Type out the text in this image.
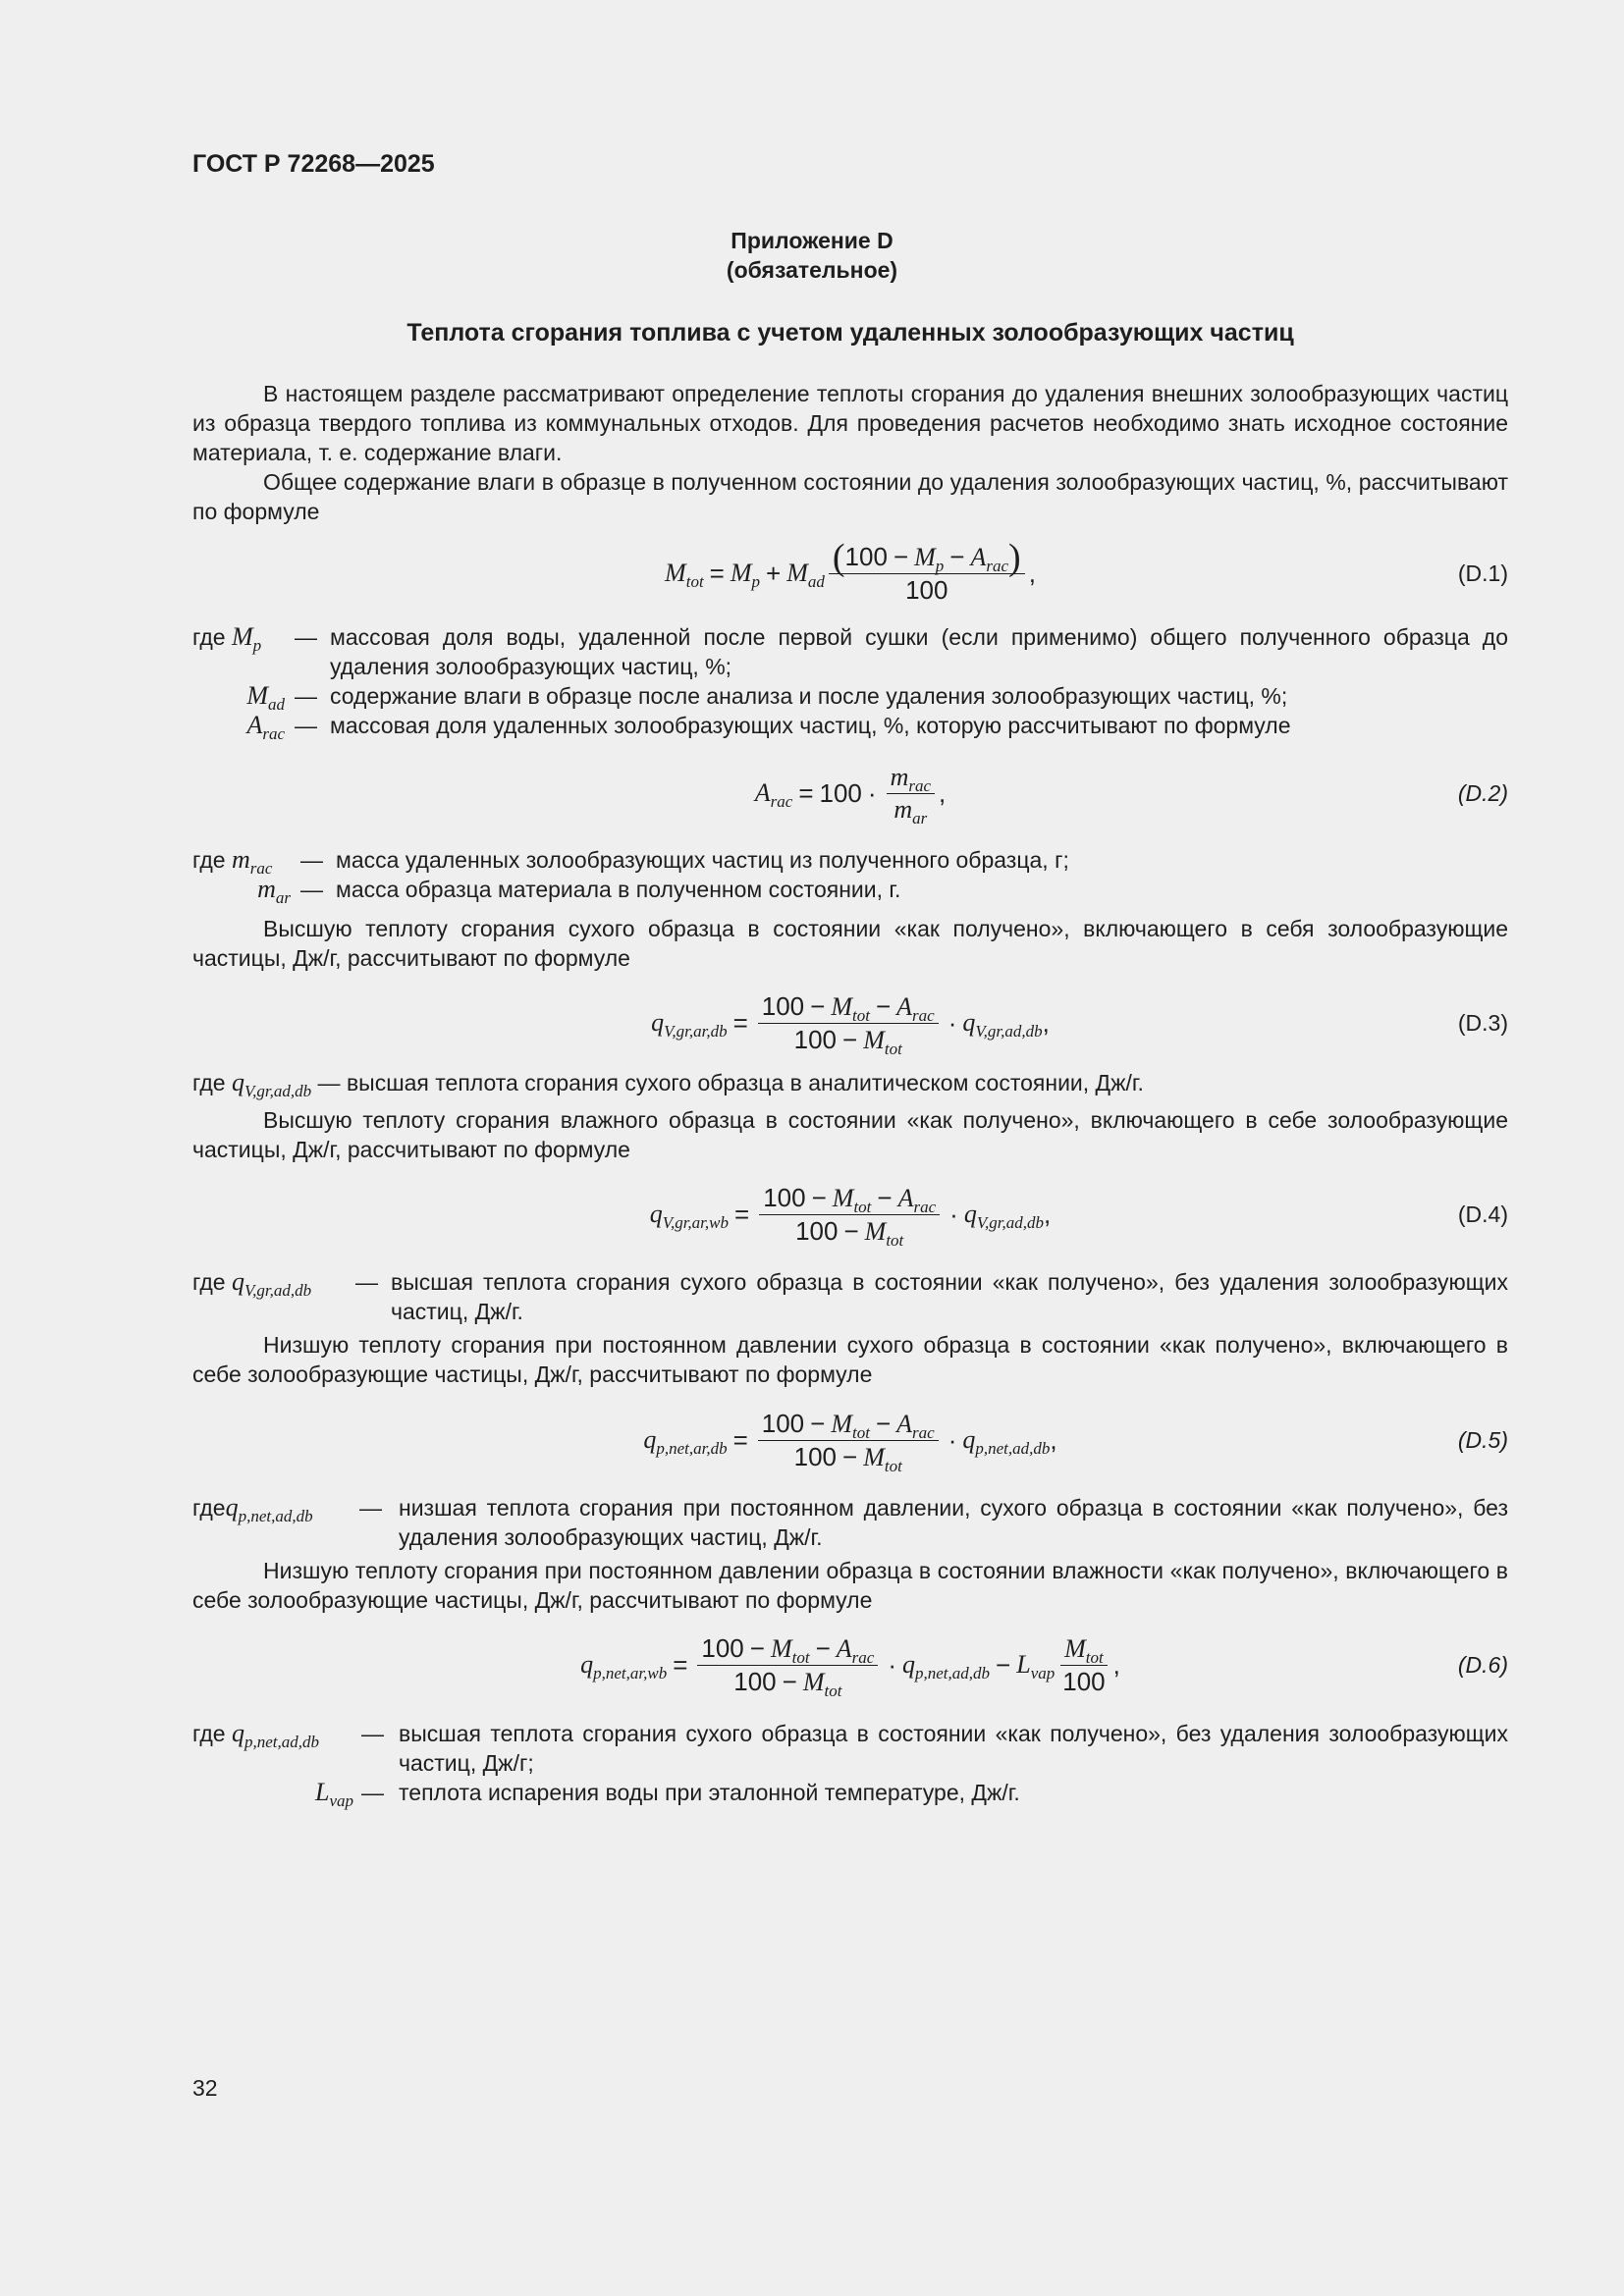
ГОСТ Р 72268—2025
Приложение D
(обязательное)
Теплота сгорания топлива с учетом удаленных золообразующих частиц

В настоящем разделе рассматривают определение теплоты сгорания до удаления внешних золообразующих частиц из образца твердого топлива из коммунальных отходов. Для проведения расчетов необходимо знать исходное состояние материала, т. е. содержание влаги.

Общее содержание влаги в образце в полученном состоянии до удаления золообразующих частиц, %, рассчитывают по формуле

$M_{tot} = M_p + M_{ad} \frac{(100 - M_p - A_{rac})}{100}$ ,	(D.1)
где $M_p$	— массовая доля воды, удаленной после первой сушки (если применимо) общего полученного образца до удаления золообразующих частиц, %;
$M_{ad}$ — содержание влаги в образце после анализа и после удаления золообразующих частиц, %;
$A_{rac}$ — массовая доля удаленных золообразующих частиц, %, которую рассчитывают по формуле
$A_{rac} = 100 \cdot \frac{m_{rac}}{m_{ar}}$ ,	(D.2)
где $m_{rac}$	— масса удаленных золообразующих частиц из полученного образца, г;
$m_{ar}$ — масса образца материала в полученном состоянии, г.

Высшую теплоту сгорания сухого образца в состоянии «как получено», включающего в себя золообразующие частицы, Дж/г, рассчитывают по формуле

$q_{V,gr,ar,db} = \frac{100 - M_{tot} - A_{rac}}{100 - M_{tot}} \cdot q_{V,gr,ad,db}$ ,	(D.3)
где $q_{V,gr,ad,db}$ — высшая теплота сгорания сухого образца в аналитическом состоянии, Дж/г.

Высшую теплоту сгорания влажного образца в состоянии «как получено», включающего в себе золообразующие частицы, Дж/г, рассчитывают по формуле

$q_{V,gr,ar,wb} = \frac{100 - M_{tot} - A_{rac}}{100 - M_{tot}} \cdot q_{V,gr,ad,db}$ ,	(D.4)
где $q_{V,gr,ad,db}$	— высшая теплота сгорания сухого образца в состоянии «как получено», без удаления золообразующих частиц, Дж/г.

Низшую теплоту сгорания при постоянном давлении сухого образца в состоянии «как получено», включающего в себе золообразующие частицы, Дж/г, рассчитывают по формуле

$q_{p,net,ar,db} = \frac{100 - M_{tot} - A_{rac}}{100 - M_{tot}} \cdot q_{p,net,ad,db}$ ,	(D.5)
гдеq$_{p,net,ad,db}$	— низшая теплота сгорания при постоянном давлении, сухого образца в состоянии «как получено», без удаления золообразующих частиц, Дж/г.

Низшую теплоту сгорания при постоянном давлении образца в состоянии влажности «как получено», включающего в себе золообразующие частицы, Дж/г, рассчитывают по формуле

$q_{p,net,ar,wb} = \frac{100 - M_{tot} - A_{rac}}{100 - M_{tot}} \cdot q_{p,net,ad,db} - L_{vap} \frac{M_{tot}}{100}$ ,	(D.6)
где $q_{p,net,ad,db}$	— высшая теплота сгорания сухого образца в состоянии «как получено», без удаления золообразующих частиц, Дж/г;
$L_{vap}$ — теплота испарения воды при эталонной температуре, Дж/г.
32
